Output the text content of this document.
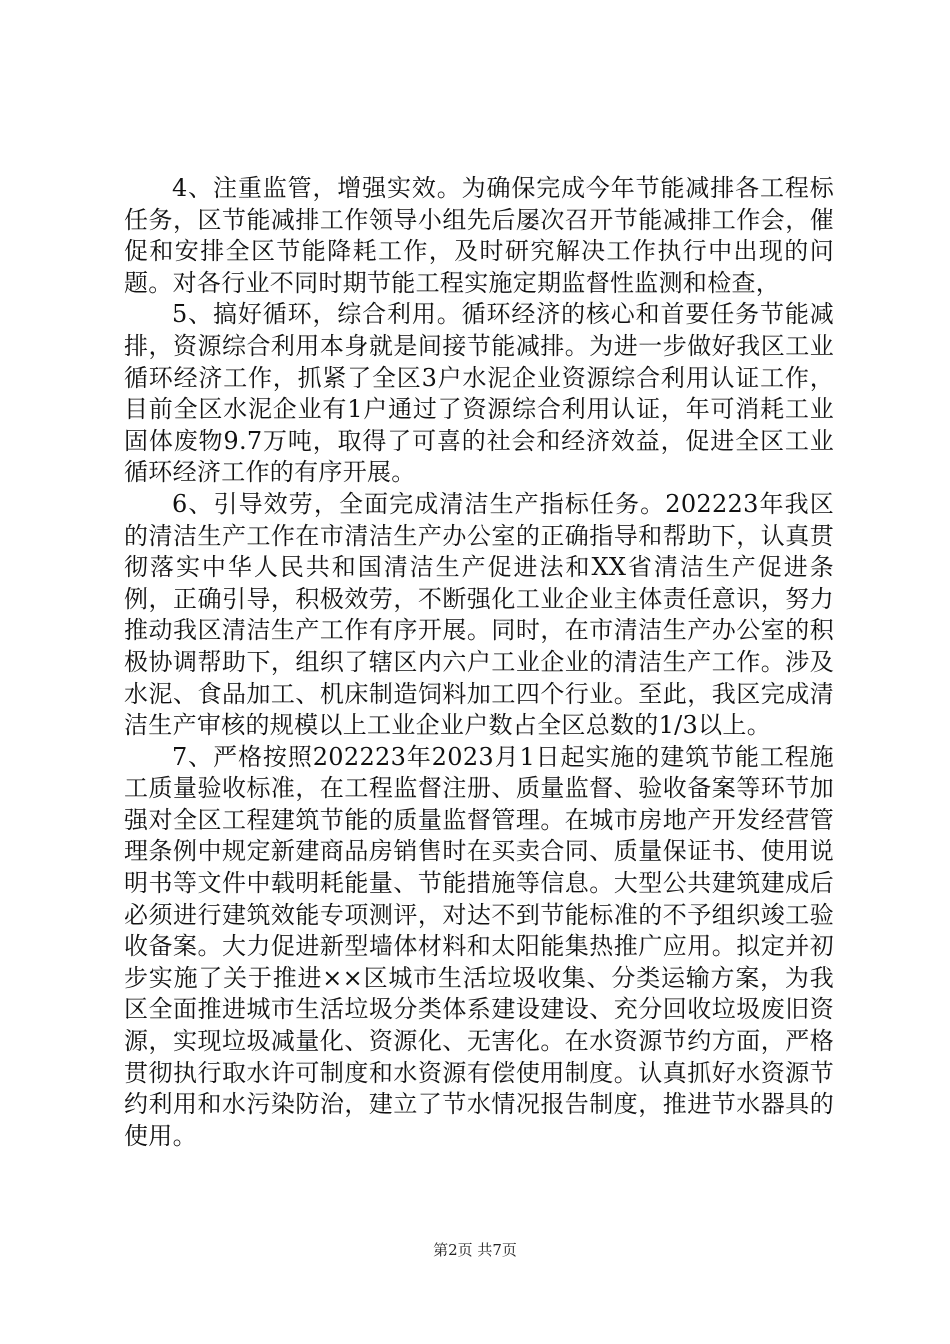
4、注重监管，增强实效。为确保完成今年节能减排各工程标任务，区节能减排工作领导小组先后屡次召开节能减排工作会，催促和安排全区节能降耗工作，及时研究解决工作执行中出现的问题。对各行业不同时期节能工程实施定期监督性监测和检查，

5、搞好循环，综合利用。循环经济的核心和首要任务节能减排，资源综合利用本身就是间接节能减排。为进一步做好我区工业循环经济工作，抓紧了全区3户水泥企业资源综合利用认证工作，目前全区水泥企业有1户通过了资源综合利用认证，年可消耗工业固体废物9.7万吨，取得了可喜的社会和经济效益，促进全区工业循环经济工作的有序开展。

6、引导效劳，全面完成清洁生产指标任务。202223年我区的清洁生产工作在市清洁生产办公室的正确指导和帮助下，认真贯彻落实中华人民共和国清洁生产促进法和XX省清洁生产促进条例，正确引导，积极效劳，不断强化工业企业主体责任意识，努力推动我区清洁生产工作有序开展。同时，在市清洁生产办公室的积极协调帮助下，组织了辖区内六户工业企业的清洁生产工作。涉及水泥、食品加工、机床制造饲料加工四个行业。至此，我区完成清洁生产审核的规模以上工业企业户数占全区总数的1/3以上。

7、严格按照202223年2023月1日起实施的建筑节能工程施工质量验收标准，在工程监督注册、质量监督、验收备案等环节加强对全区工程建筑节能的质量监督管理。在城市房地产开发经营管理条例中规定新建商品房销售时在买卖合同、质量保证书、使用说明书等文件中载明耗能量、节能措施等信息。大型公共建筑建成后必须进行建筑效能专项测评，对达不到节能标准的不予组织竣工验收备案。大力促进新型墙体材料和太阳能集热推广应用。拟定并初步实施了关于推进××区城市生活垃圾收集、分类运输方案，为我区全面推进城市生活垃圾分类体系建设建设、充分回收垃圾废旧资源，实现垃圾减量化、资源化、无害化。在水资源节约方面，严格贯彻执行取水许可制度和水资源有偿使用制度。认真抓好水资源节约利用和水污染防治，建立了节水情况报告制度，推进节水器具的使用。

第2页 共7页
